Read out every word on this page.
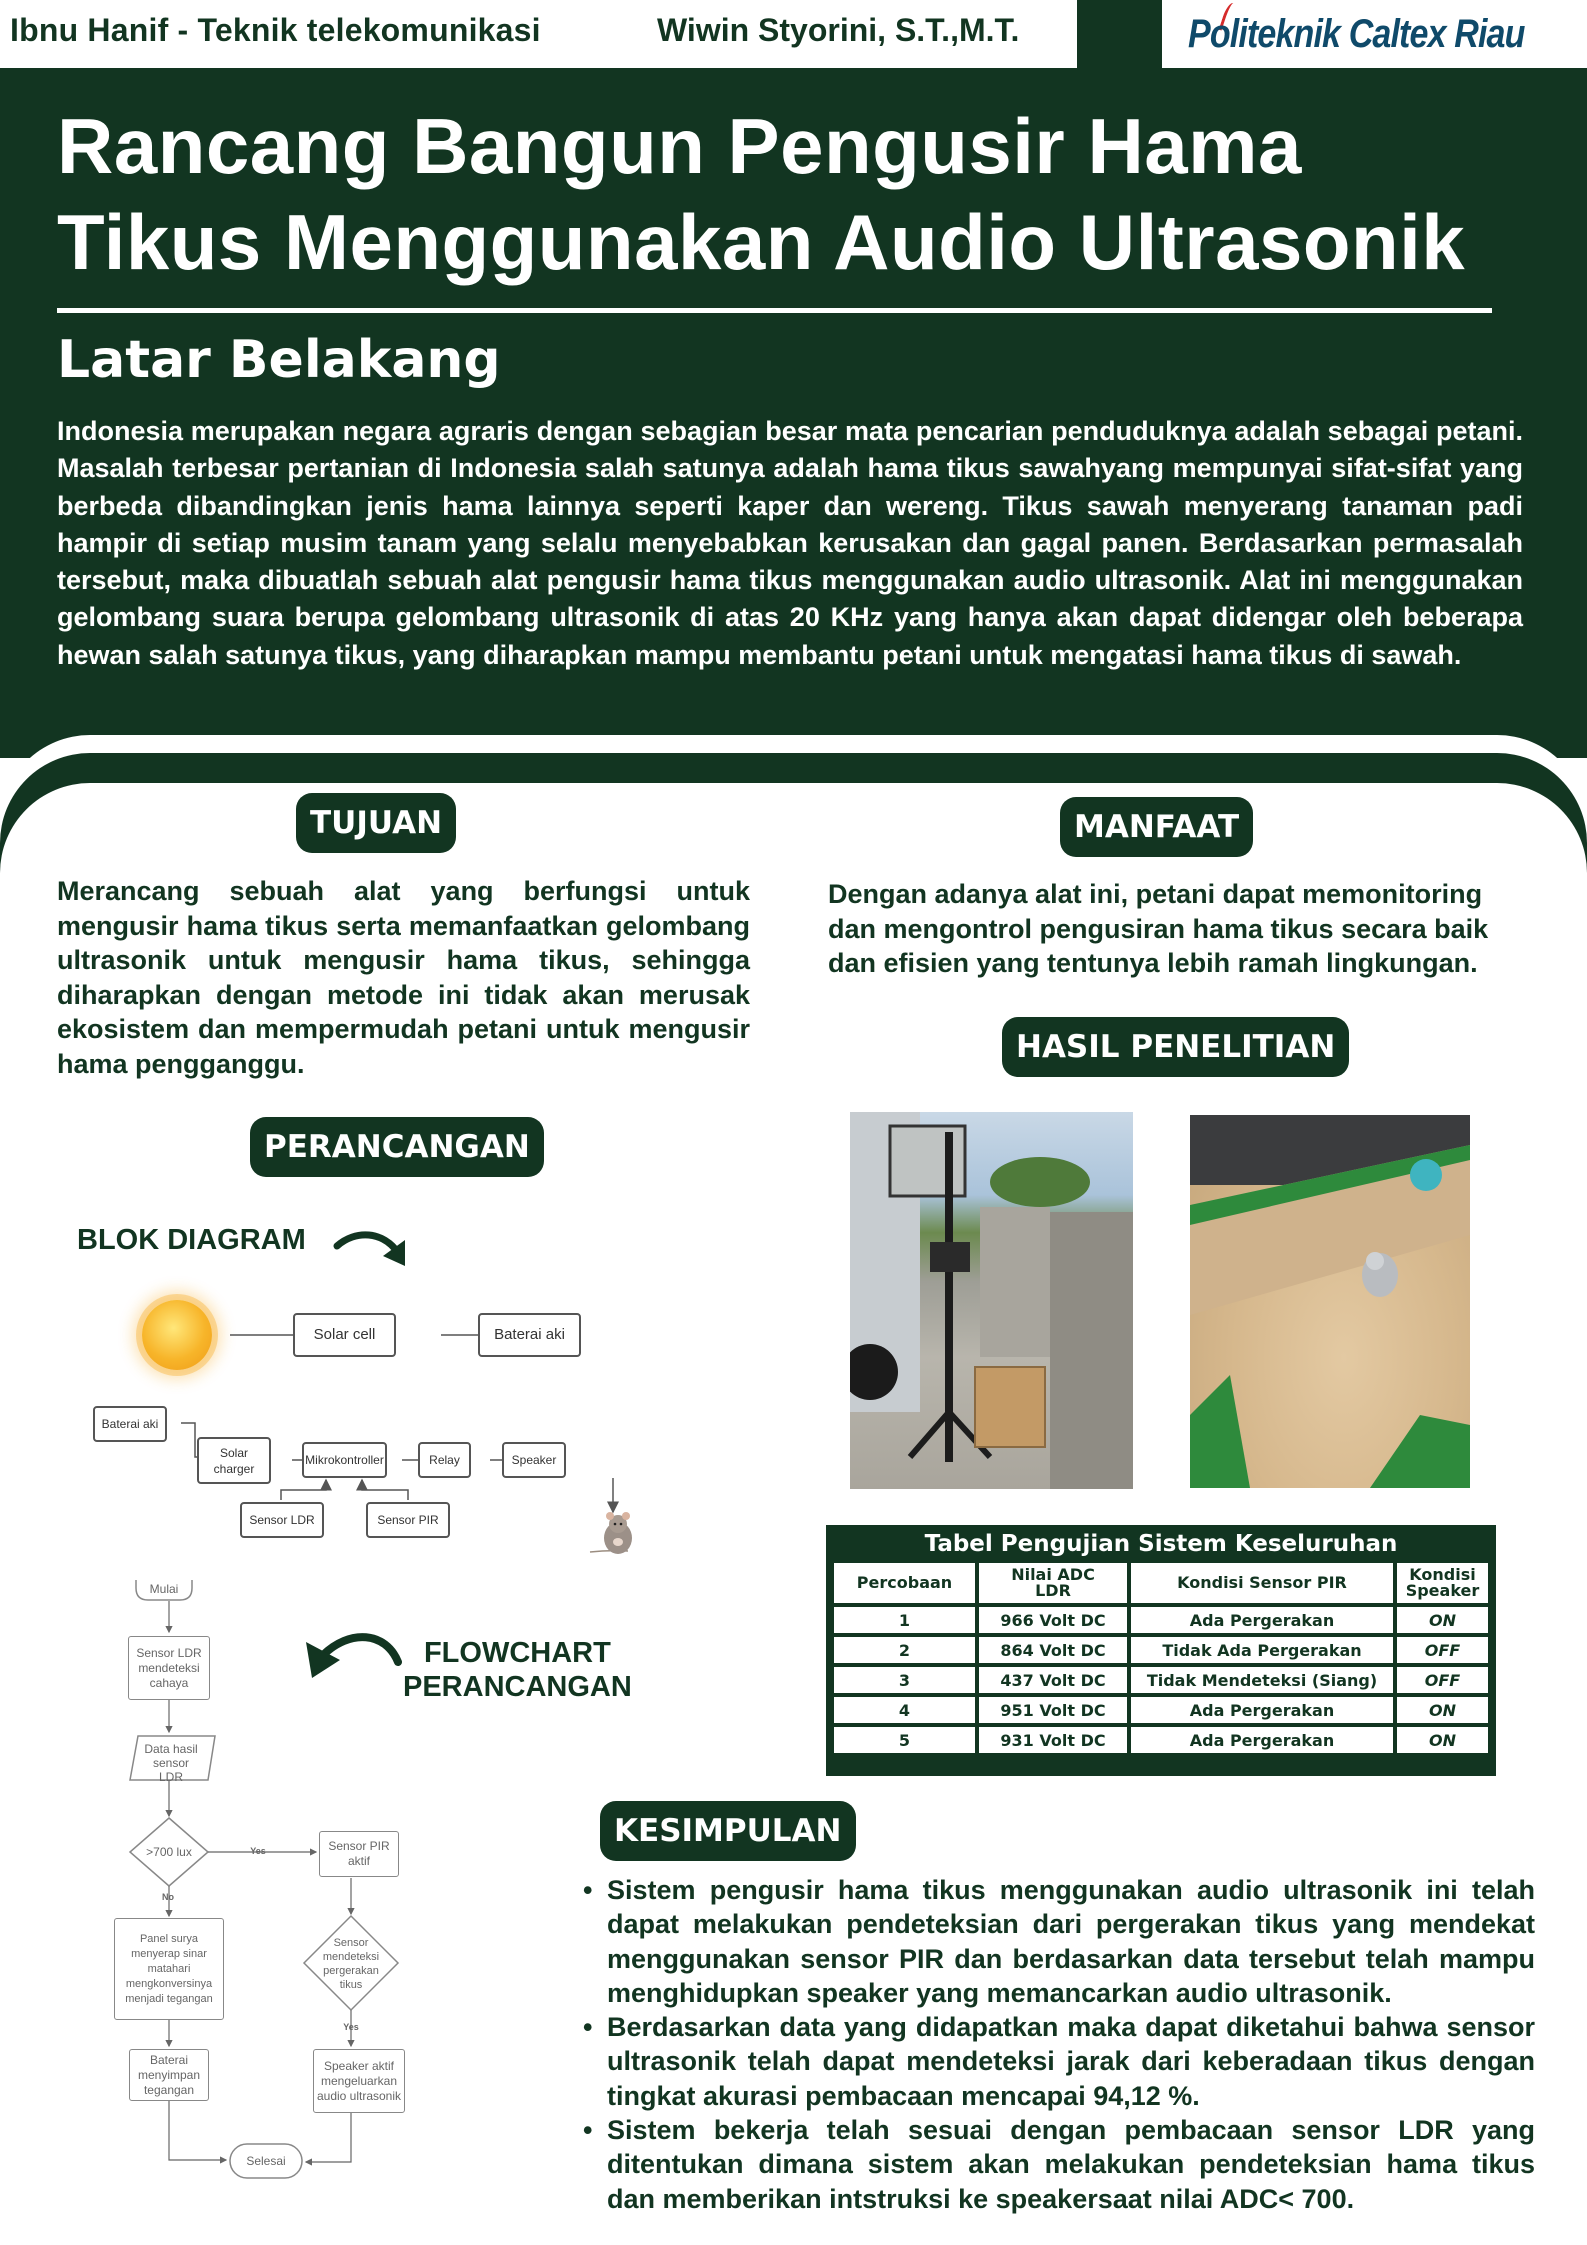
Ibnu Hanif - Teknik telekomunikasi	Wiwin Styorini, S.T.,M.T.	Politeknik Caltex Riau
Rancang Bangun Pengusir Hama
Tikus Menggunakan Audio Ultrasonik
Latar Belakang

Indonesia merupakan negara agraris dengan sebagian besar mata pencarian penduduknya adalah sebagai petani. Masalah terbesar pertanian di Indonesia salah satunya adalah hama tikus sawahyang mempunyai sifat-sifat yang berbeda dibandingkan jenis hama lainnya seperti kaper dan wereng. Tikus sawah menyerang tanaman padi hampir di setiap musim tanam yang selalu menyebabkan kerusakan dan gagal panen. Berdasarkan permasalah tersebut, maka dibuatlah sebuah alat pengusir hama tikus menggunakan audio ultrasonik. Alat ini menggunakan gelombang suara berupa gelombang ultrasonik di atas 20 KHz yang hanya akan dapat didengar oleh beberapa hewan salah satunya tikus, yang diharapkan mampu membantu petani untuk mengatasi hama tikus di sawah.

TUJUAN

Merancang sebuah alat yang berfungsi untuk mengusir hama tikus serta memanfaatkan gelombang ultrasonik untuk mengusir hama tikus, sehingga diharapkan dengan metode ini tidak akan merusak ekosistem dan mempermudah petani untuk mengusir hama pengganggu.

MANFAAT

Dengan adanya alat ini, petani dapat memonitoring dan mengontrol pengusiran hama tikus secara baik dan efisien yang tentunya lebih ramah lingkungan.

PERANCANGAN
BLOK DIAGRAM
Solar cell	Baterai aki
Baterai aki
Solar charger
Mikrokontroller	Relay	Speaker
Sensor LDR	Sensor PIR
FLOWCHART
PERANCANGAN
Mulai
Sensor LDR mendeteksi cahaya
Data hasil sensor LDR
>700 lux	Yes
No
Sensor PIR aktif
Panel surya menyerap sinar matahari mengkonversinya menjadi tegangan
Sensor mendeteksi pergerakan tikus
Yes
Baterai menyimpan tegangan
Speaker aktif mengeluarkan audio ultrasonik
Selesai
HASIL PENELITIAN
Tabel Pengujian Sistem Keseluruhan
Percobaan	Nilai ADC LDR	Kondisi Sensor PIR	Kondisi Speaker
1	966 Volt DC	Ada Pergerakan	ON
2	864 Volt DC	Tidak Ada Pergerakan	OFF
3	437 Volt DC	Tidak Mendeteksi (Siang)	OFF
4	951 Volt DC	Ada Pergerakan	ON
5	931 Volt DC	Ada Pergerakan	ON
KESIMPULAN
• Sistem pengusir hama tikus menggunakan audio ultrasonik ini telah dapat melakukan pendeteksian dari pergerakan tikus yang mendekat menggunakan sensor PIR dan berdasarkan data tersebut telah mampu menghidupkan speaker yang memancarkan audio ultrasonik.
• Berdasarkan data yang didapatkan maka dapat diketahui bahwa sensor ultrasonik telah dapat mendeteksi jarak dari keberadaan tikus dengan tingkat akurasi pembacaan mencapai 94,12 %.
• Sistem bekerja telah sesuai dengan pembacaan sensor LDR yang ditentukan dimana sistem akan melakukan pendeteksian hama tikus dan memberikan intstruksi ke speakersaat nilai ADC< 700.
